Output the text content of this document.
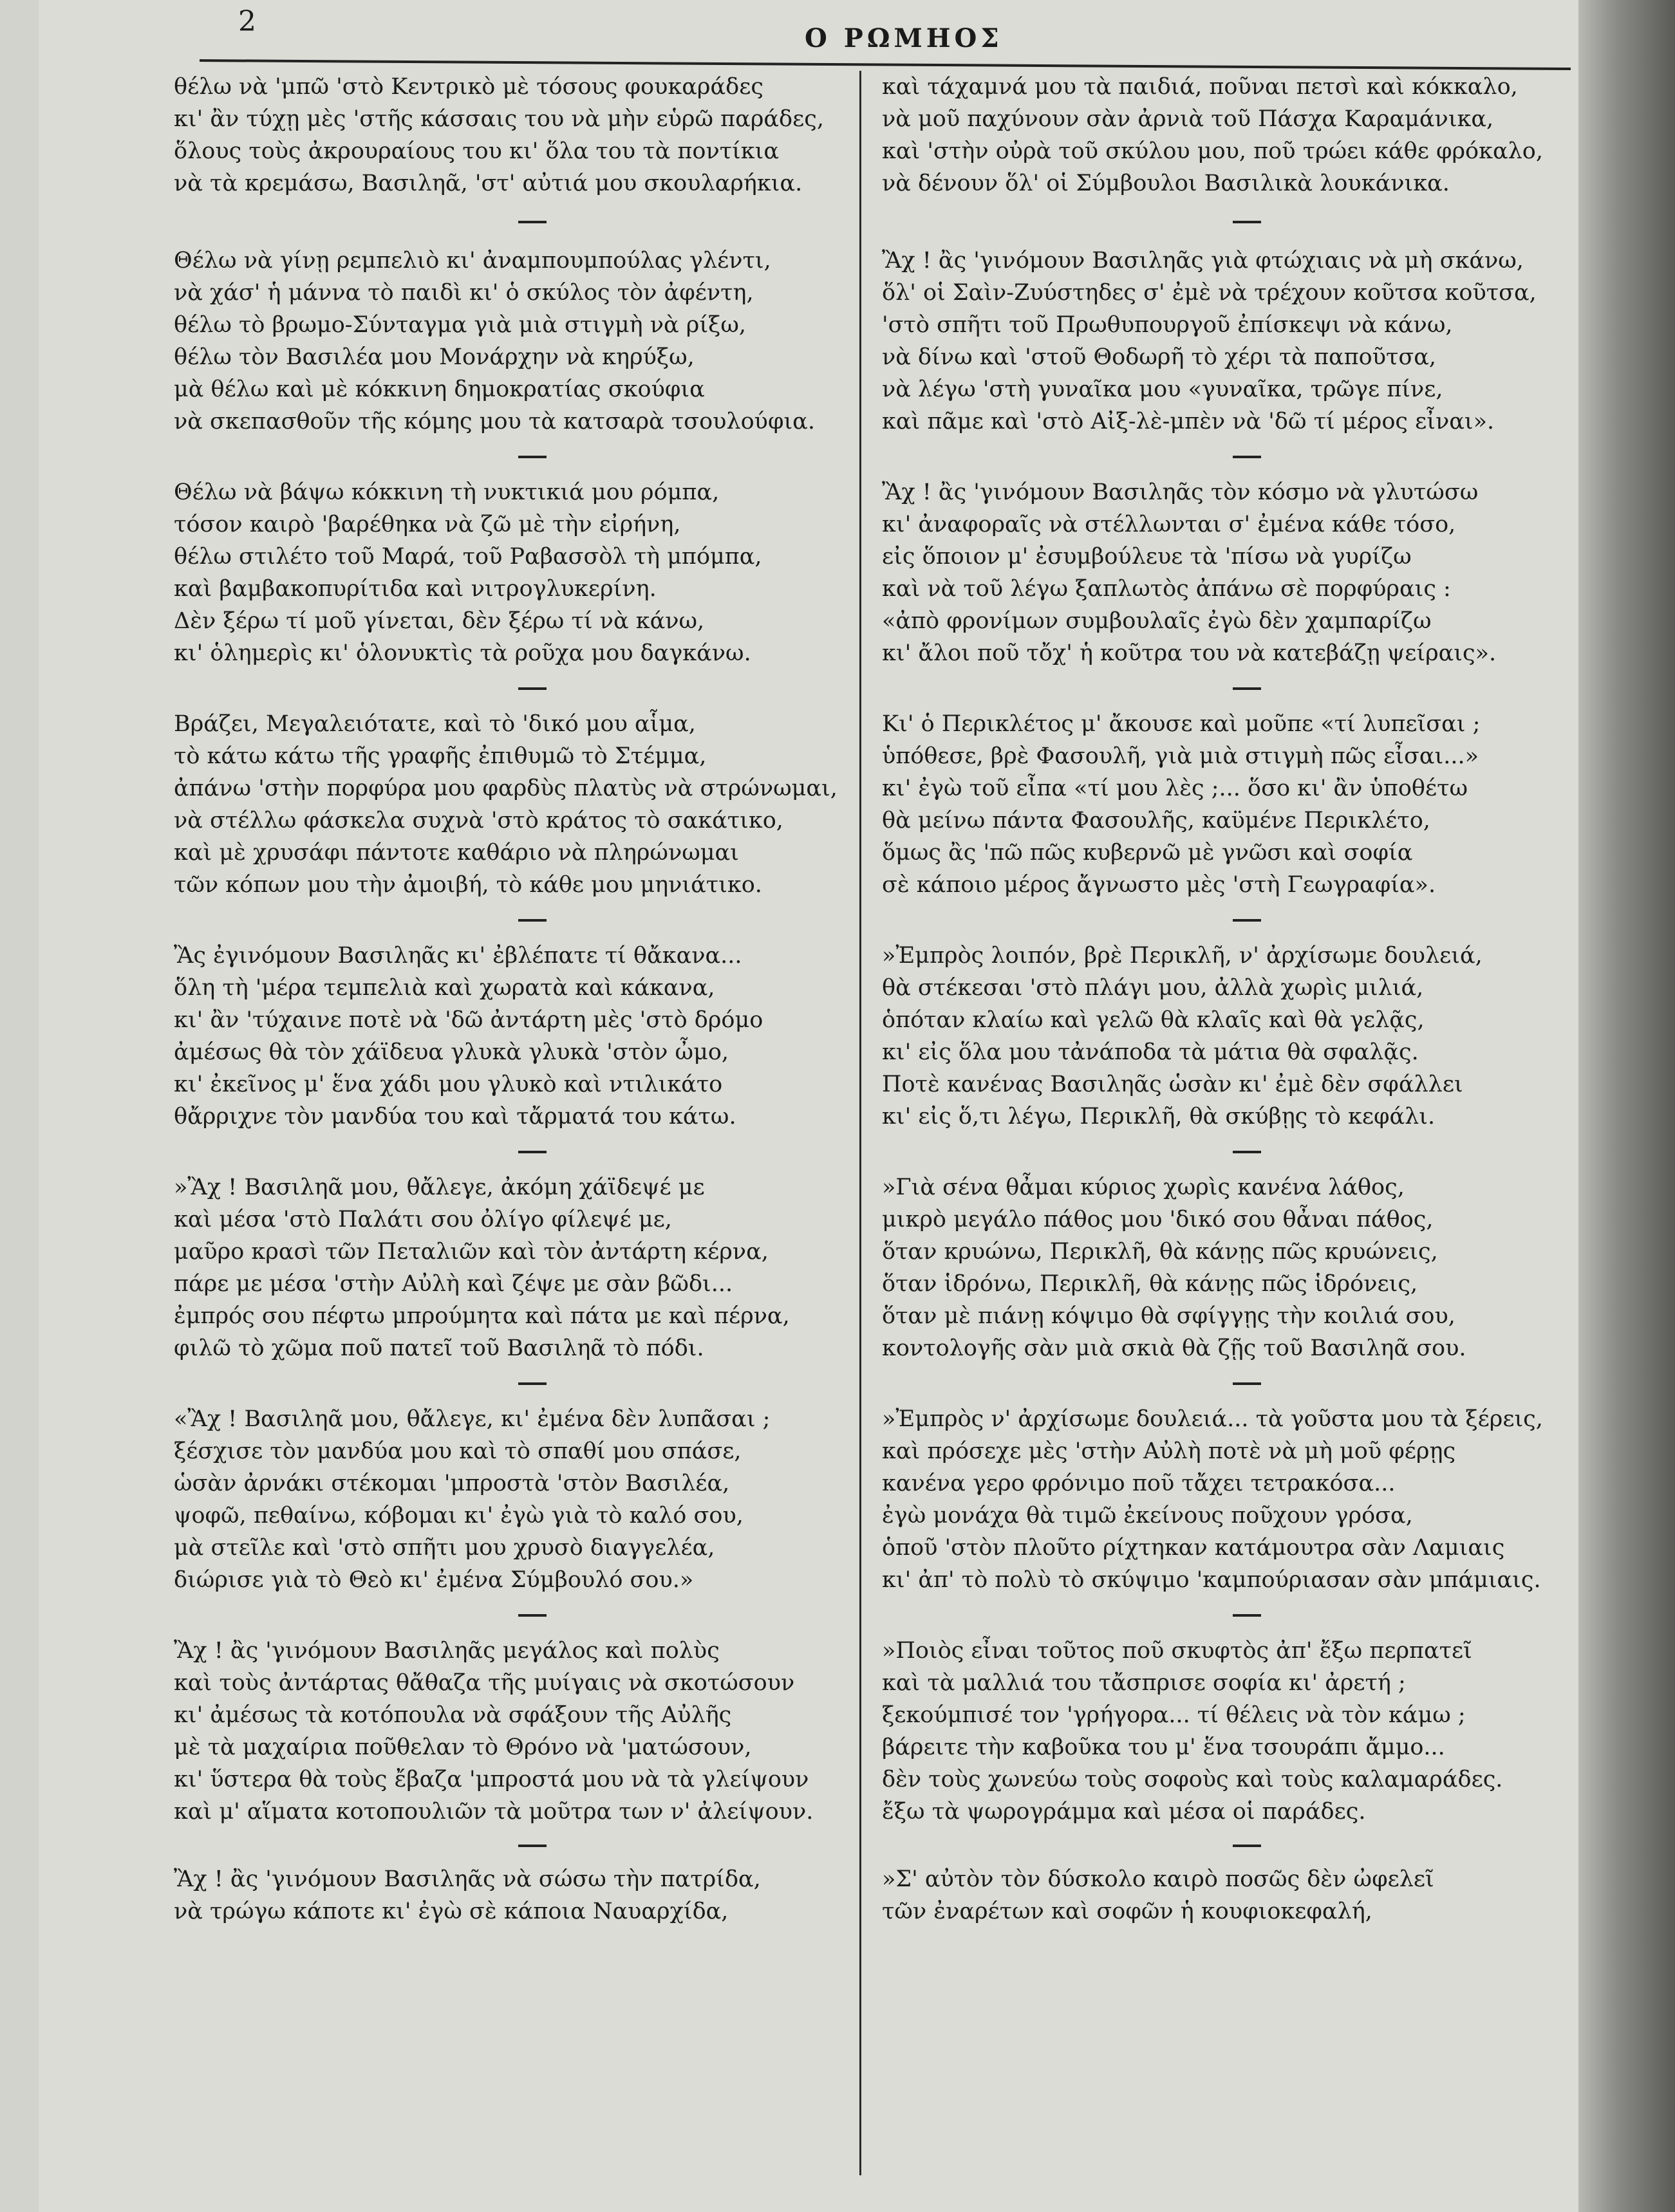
2
Ο ΡΩΜΗΟΣ
θέλω νὰ 'μπῶ 'στὸ Κεντρικὸ μὲ τόσους φουκαράδες
κι' ἂν τύχῃ μὲς 'στῆς κάσσαις του νὰ μὴν εὑρῶ παράδες,
ὅλους τοὺς ἀκρουραίους του κι' ὅλα του τὰ ποντίκια
νὰ τὰ κρεμάσω, Βασιληᾶ, 'στ' αὐτιά μου σκουλαρήκια.
Θέλω νὰ γίνῃ ρεμπελιὸ κι' ἀναμπουμπούλας γλέντι,
νὰ χάσ' ἡ μάννα τὸ παιδὶ κι' ὁ σκύλος τὸν ἀφέντη,
θέλω τὸ βρωμο-Σύνταγμα γιὰ μιὰ στιγμὴ νὰ ρίξω,
θέλω τὸν Βασιλέα μου Μονάρχην νὰ κηρύξω,
μὰ θέλω καὶ μὲ κόκκινη δημοκρατίας σκούφια
νὰ σκεπασθοῦν τῆς κόμης μου τὰ κατσαρὰ τσουλούφια.
Θέλω νὰ βάψω κόκκινη τὴ νυκτικιά μου ρόμπα,
τόσον καιρὸ 'βαρέθηκα νὰ ζῶ μὲ τὴν εἰρήνη,
θέλω στιλέτο τοῦ Μαρά, τοῦ Ραβασσὸλ τὴ μπόμπα,
καὶ βαμβακοπυρίτιδα καὶ νιτρογλυκερίνη.
Δὲν ξέρω τί μοῦ γίνεται, δὲν ξέρω τί νὰ κάνω,
κι' ὁλημερὶς κι' ὁλονυκτὶς τὰ ροῦχα μου δαγκάνω.
Βράζει, Μεγαλειότατε, καὶ τὸ 'δικό μου αἷμα,
τὸ κάτω κάτω τῆς γραφῆς ἐπιθυμῶ τὸ Στέμμα,
ἀπάνω 'στὴν πορφύρα μου φαρδὺς πλατὺς νὰ στρώνωμαι,
νὰ στέλλω φάσκελα συχνὰ 'στὸ κράτος τὸ σακάτικο,
καὶ μὲ χρυσάφι πάντοτε καθάριο νὰ πληρώνωμαι
τῶν κόπων μου τὴν ἀμοιβή, τὸ κάθε μου μηνιάτικο.
Ἂς ἐγινόμουν Βασιληᾶς κι' ἐβλέπατε τί θἄκανα...
ὅλη τὴ 'μέρα τεμπελιὰ καὶ χωρατὰ καὶ κάκανα,
κι' ἂν 'τύχαινε ποτὲ νὰ 'δῶ ἀντάρτη μὲς 'στὸ δρόμο
ἀμέσως θὰ τὸν χάϊδευα γλυκὰ γλυκὰ 'στὸν ὦμο,
κι' ἐκεῖνος μ' ἕνα χάδι μου γλυκὸ καὶ ντιλικάτο
θἄρριχνε τὸν μανδύα του καὶ τἄρματά του κάτω.
»Ἂχ ! Βασιληᾶ μου, θἄλεγε, ἀκόμη χάϊδεψέ με
καὶ μέσα 'στὸ Παλάτι σου ὀλίγο φίλεψέ με,
μαῦρο κρασὶ τῶν Πεταλιῶν καὶ τὸν ἀντάρτη κέρνα,
πάρε με μέσα 'στὴν Αὐλὴ καὶ ζέψε με σὰν βῶδι...
ἐμπρός σου πέφτω μπρούμητα καὶ πάτα με καὶ πέρνα,
φιλῶ τὸ χῶμα ποῦ πατεῖ τοῦ Βασιληᾶ τὸ πόδι.
«Ἂχ ! Βασιληᾶ μου, θἄλεγε, κι' ἐμένα δὲν λυπᾶσαι ;
ξέσχισε τὸν μανδύα μου καὶ τὸ σπαθί μου σπάσε,
ὡσὰν ἀρνάκι στέκομαι 'μπροστὰ 'στὸν Βασιλέα,
ψοφῶ, πεθαίνω, κόβομαι κι' ἐγὼ γιὰ τὸ καλό σου,
μὰ στεῖλε καὶ 'στὸ σπῆτι μου χρυσὸ διαγγελέα,
διώρισε γιὰ τὸ Θεὸ κι' ἐμένα Σύμβουλό σου.»
Ἂχ ! ἂς 'γινόμουν Βασιληᾶς μεγάλος καὶ πολὺς
καὶ τοὺς ἀντάρτας θἄθαζα τῆς μυίγαις νὰ σκοτώσουν
κι' ἀμέσως τὰ κοτόπουλα νὰ σφάξουν τῆς Αὐλῆς
μὲ τὰ μαχαίρια ποῦθελαν τὸ Θρόνο νὰ 'ματώσουν,
κι' ὕστερα θὰ τοὺς ἔβαζα 'μπροστά μου νὰ τὰ γλείψουν
καὶ μ' αἵματα κοτοπουλιῶν τὰ μοῦτρα των ν' ἀλείψουν.
Ἂχ ! ἂς 'γινόμουν Βασιληᾶς νὰ σώσω τὴν πατρίδα,
νὰ τρώγω κάποτε κι' ἐγὼ σὲ κάποια Ναυαρχίδα,
καὶ τάχαμνά μου τὰ παιδιά, ποῦναι πετσὶ καὶ κόκκαλο,
νὰ μοῦ παχύνουν σὰν ἀρνιὰ τοῦ Πάσχα Καραμάνικα,
καὶ 'στὴν οὐρὰ τοῦ σκύλου μου, ποῦ τρώει κάθε φρόκαλο,
νὰ δένουν ὅλ' οἱ Σύμβουλοι Βασιλικὰ λουκάνικα.
Ἂχ ! ἂς 'γινόμουν Βασιληᾶς γιὰ φτώχιαις νὰ μὴ σκάνω,
ὅλ' οἱ Σαὶν-Ζυύστηδες σ' ἐμὲ νὰ τρέχουν κοῦτσα κοῦτσα,
'στὸ σπῆτι τοῦ Πρωθυπουργοῦ ἐπίσκεψι νὰ κάνω,
νὰ δίνω καὶ 'στοῦ Θοδωρῆ τὸ χέρι τὰ παποῦτσα,
νὰ λέγω 'στὴ γυναῖκα μου «γυναῖκα, τρῶγε πίνε,
καὶ πᾶμε καὶ 'στὸ Αἰξ-λὲ-μπὲν νὰ 'δῶ τί μέρος εἶναι».
Ἂχ ! ἂς 'γινόμουν Βασιληᾶς τὸν κόσμο νὰ γλυτώσω
κι' ἀναφοραῖς νὰ στέλλωνται σ' ἐμένα κάθε τόσο,
εἰς ὅποιον μ' ἐσυμβούλευε τὰ 'πίσω νὰ γυρίζω
καὶ νὰ τοῦ λέγω ξαπλωτὸς ἀπάνω σὲ πορφύραις :
«ἀπὸ φρονίμων συμβουλαῖς ἐγὼ δὲν χαμπαρίζω
κι' ἄλοι ποῦ τὄχ' ἡ κοῦτρα του νὰ κατεβάζῃ ψείραις».
Κι' ὁ Περικλέτος μ' ἄκουσε καὶ μοῦπε «τί λυπεῖσαι ;
ὑπόθεσε, βρὲ Φασουλῆ, γιὰ μιὰ στιγμὴ πῶς εἶσαι...»
κι' ἐγὼ τοῦ εἶπα «τί μου λὲς ;... ὅσο κι' ἂν ὑποθέτω
θὰ μείνω πάντα Φασουλῆς, καϋμένε Περικλέτο,
ὅμως ἂς 'πῶ πῶς κυβερνῶ μὲ γνῶσι καὶ σοφία
σὲ κάποιο μέρος ἄγνωστο μὲς 'στὴ Γεωγραφία».
»Ἐμπρὸς λοιπόν, βρὲ Περικλῆ, ν' ἀρχίσωμε δουλειά,
θὰ στέκεσαι 'στὸ πλάγι μου, ἀλλὰ χωρὶς μιλιά,
ὁπόταν κλαίω καὶ γελῶ θὰ κλαῖς καὶ θὰ γελᾷς,
κι' εἰς ὅλα μου τἀνάποδα τὰ μάτια θὰ σφαλᾷς.
Ποτὲ κανένας Βασιληᾶς ὡσὰν κι' ἐμὲ δὲν σφάλλει
κι' εἰς ὅ,τι λέγω, Περικλῆ, θὰ σκύβῃς τὸ κεφάλι.
»Γιὰ σένα θἆμαι κύριος χωρὶς κανένα λάθος,
μικρὸ μεγάλο πάθος μου 'δικό σου θἆναι πάθος,
ὅταν κρυώνω, Περικλῆ, θὰ κάνῃς πῶς κρυώνεις,
ὅταν ἱδρόνω, Περικλῆ, θὰ κάνῃς πῶς ἱδρόνεις,
ὅταν μὲ πιάνῃ κόψιμο θὰ σφίγγῃς τὴν κοιλιά σου,
κοντολογῆς σὰν μιὰ σκιὰ θὰ ζῇς τοῦ Βασιληᾶ σου.
»Ἐμπρὸς ν' ἀρχίσωμε δουλειά... τὰ γοῦστα μου τὰ ξέρεις,
καὶ πρόσεχε μὲς 'στὴν Αὐλὴ ποτὲ νὰ μὴ μοῦ φέρῃς
κανένα γερο φρόνιμο ποῦ τἄχει τετρακόσα...
ἐγὼ μονάχα θὰ τιμῶ ἐκείνους ποῦχουν γρόσα,
ὁποῦ 'στὸν πλοῦτο ρίχτηκαν κατάμουτρα σὰν Λαμιαις
κι' ἀπ' τὸ πολὺ τὸ σκύψιμο 'καμπούριασαν σὰν μπάμιαις.
»Ποιὸς εἶναι τοῦτος ποῦ σκυφτὸς ἀπ' ἔξω περπατεῖ
καὶ τὰ μαλλιά του τἄσπρισε σοφία κι' ἀρετή ;
ξεκούμπισέ τον 'γρήγορα... τί θέλεις νὰ τὸν κάμω ;
βάρειτε τὴν καβοῦκα του μ' ἕνα τσουράπι ἄμμο...
δὲν τοὺς χωνεύω τοὺς σοφοὺς καὶ τοὺς καλαμαράδες.
ἔξω τὰ ψωρογράμμα καὶ μέσα οἱ παράδες.
»Σ' αὐτὸν τὸν δύσκολο καιρὸ ποσῶς δὲν ὠφελεῖ
τῶν ἐναρέτων καὶ σοφῶν ἡ κουφιοκεφαλή,
